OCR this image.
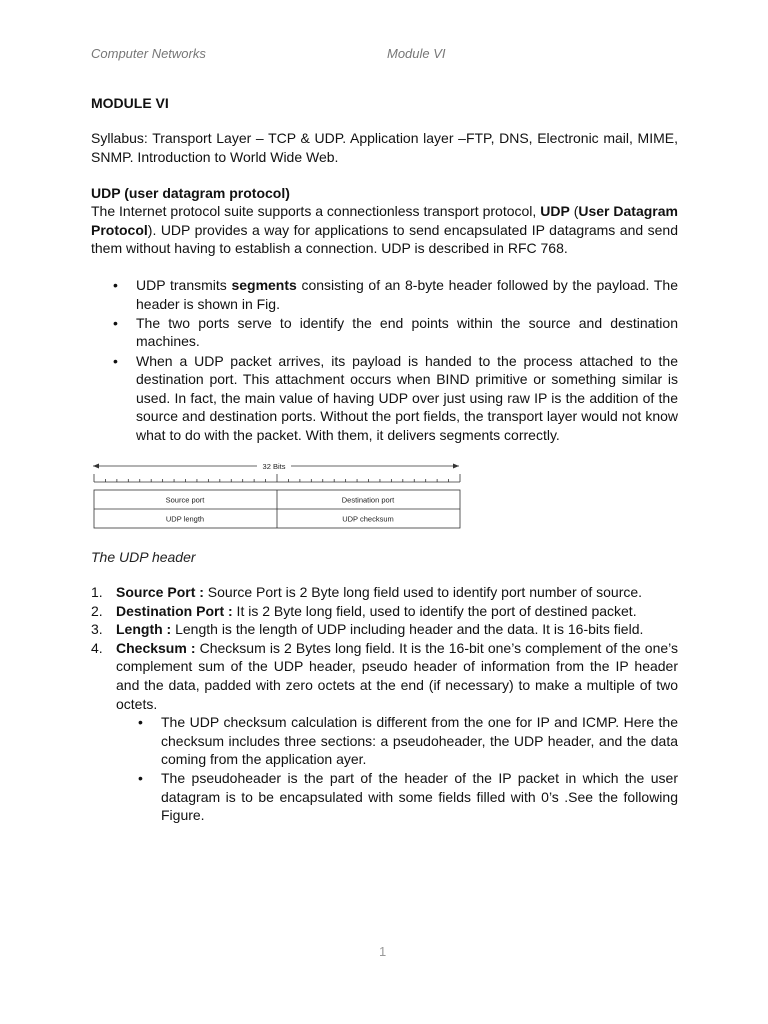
Computer Networks	Module VI
MODULE VI
Syllabus: Transport Layer – TCP & UDP. Application layer –FTP, DNS, Electronic mail, MIME, SNMP. Introduction to World Wide Web.
UDP (user datagram protocol)
The Internet protocol suite supports a connectionless transport protocol, UDP (User Datagram Protocol). UDP provides a way for applications to send encapsulated IP datagrams and send them without having to establish a connection. UDP is described in RFC 768.
• UDP transmits segments consisting of an 8-byte header followed by the payload. The header is shown in Fig.
• The two ports serve to identify the end points within the source and destination machines.
• When a UDP packet arrives, its payload is handed to the process attached to the destination port. This attachment occurs when BIND primitive or something similar is used. In fact, the main value of having UDP over just using raw IP is the addition of the source and destination ports. Without the port fields, the transport layer would not know what to do with the packet. With them, it delivers segments correctly.
32 Bits
Source port	Destination port
UDP length	UDP checksum
The UDP header
1. Source Port : Source Port is 2 Byte long field used to identify port number of source.
2. Destination Port : It is 2 Byte long field, used to identify the port of destined packet.
3. Length : Length is the length of UDP including header and the data. It is 16-bits field.
4. Checksum : Checksum is 2 Bytes long field. It is the 16-bit one’s complement of the one’s complement sum of the UDP header, pseudo header of information from the IP header and the data, padded with zero octets at the end (if necessary) to make a multiple of two octets.
• The UDP checksum calculation is different from the one for IP and ICMP. Here the checksum includes three sections: a pseudoheader, the UDP header, and the data coming from the application ayer.
• The pseudoheader is the part of the header of the IP packet in which the user datagram is to be encapsulated with some fields filled with 0’s .See the following Figure.
1
